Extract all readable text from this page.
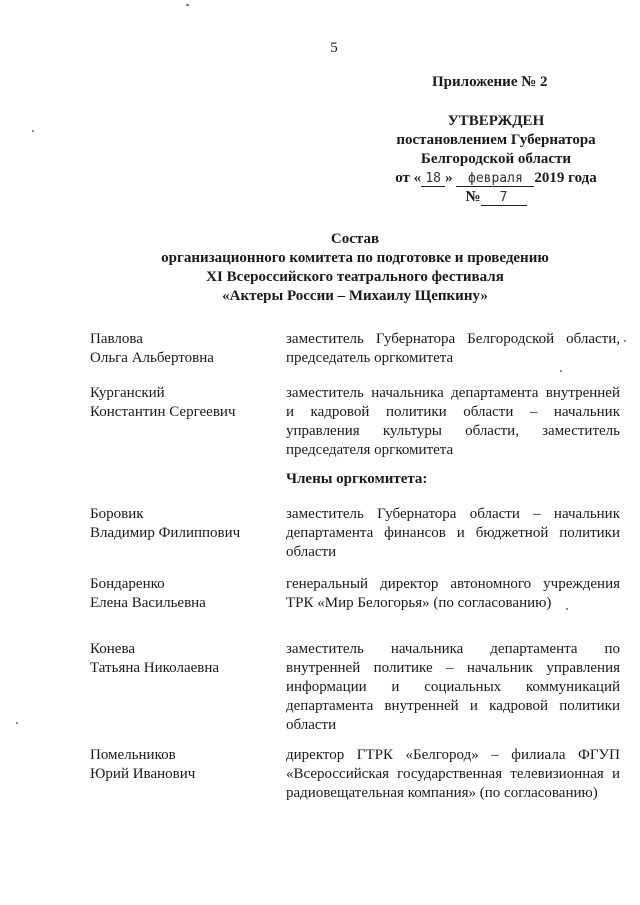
5
Приложение № 2
УТВЕРЖДЕН
постановлением Губернатора
Белгородской области
от « 18 » февраля 2019 года
№ 7
Состав
организационного комитета по подготовке и проведению
XI Всероссийского театрального фестиваля
«Актеры России – Михаилу Щепкину»
Павлова
Ольга Альбертовна
заместитель Губернатора Белгородской области, председатель оргкомитета
Курганский
Константин Сергеевич
заместитель начальника департамента внутренней и кадровой политики области – начальник управления культуры области, заместитель председателя оргкомитета
Члены оргкомитета:
Боровик
Владимир Филиппович
заместитель Губернатора области – начальник департамента финансов и бюджетной политики области
Бондаренко
Елена Васильевна
генеральный директор автономного учреждения ТРК «Мир Белогорья» (по согласованию)
Конева
Татьяна Николаевна
заместитель начальника департамента по внутренней политике – начальник управления информации и социальных коммуникаций департамента внутренней и кадровой политики области
Помельников
Юрий Иванович
директор ГТРК «Белгород» – филиала ФГУП «Всероссийская государственная телевизионная и радиовещательная компания» (по согласованию)
